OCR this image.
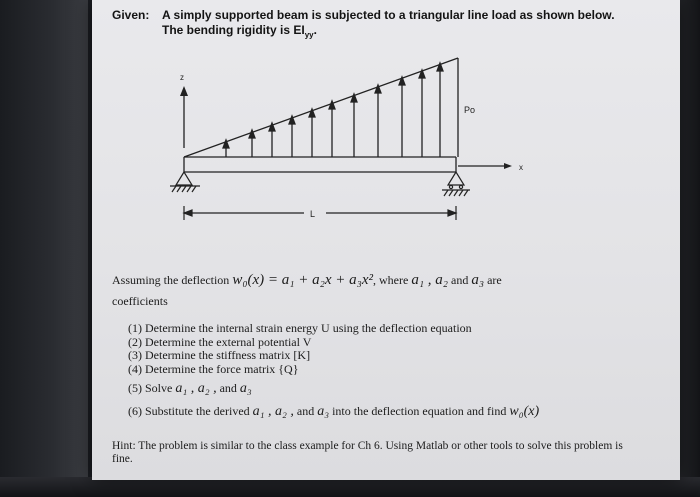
Given: A simply supported beam is subjected to a triangular line load as shown below.
The bending rigidity is $EI_{yy}$.
z
Po
x
L
Assuming the deflection w₀(x) = a₁ + a₂x + a₃x², where a₁ , a₂ and a₃ are
coefficients
(1) Determine the internal strain energy U using the deflection equation
(2) Determine the external potential V
(3) Determine the stiffness matrix [K]
(4) Determine the force matrix {Q}
(5) Solve a₁ , a₂ , and a₃
(6) Substitute the derived a₁ , a₂ , and a₃ into the deflection equation and find w₀(x)
Hint: The problem is similar to the class example for Ch 6. Using Matlab or other tools to solve this problem is fine.
